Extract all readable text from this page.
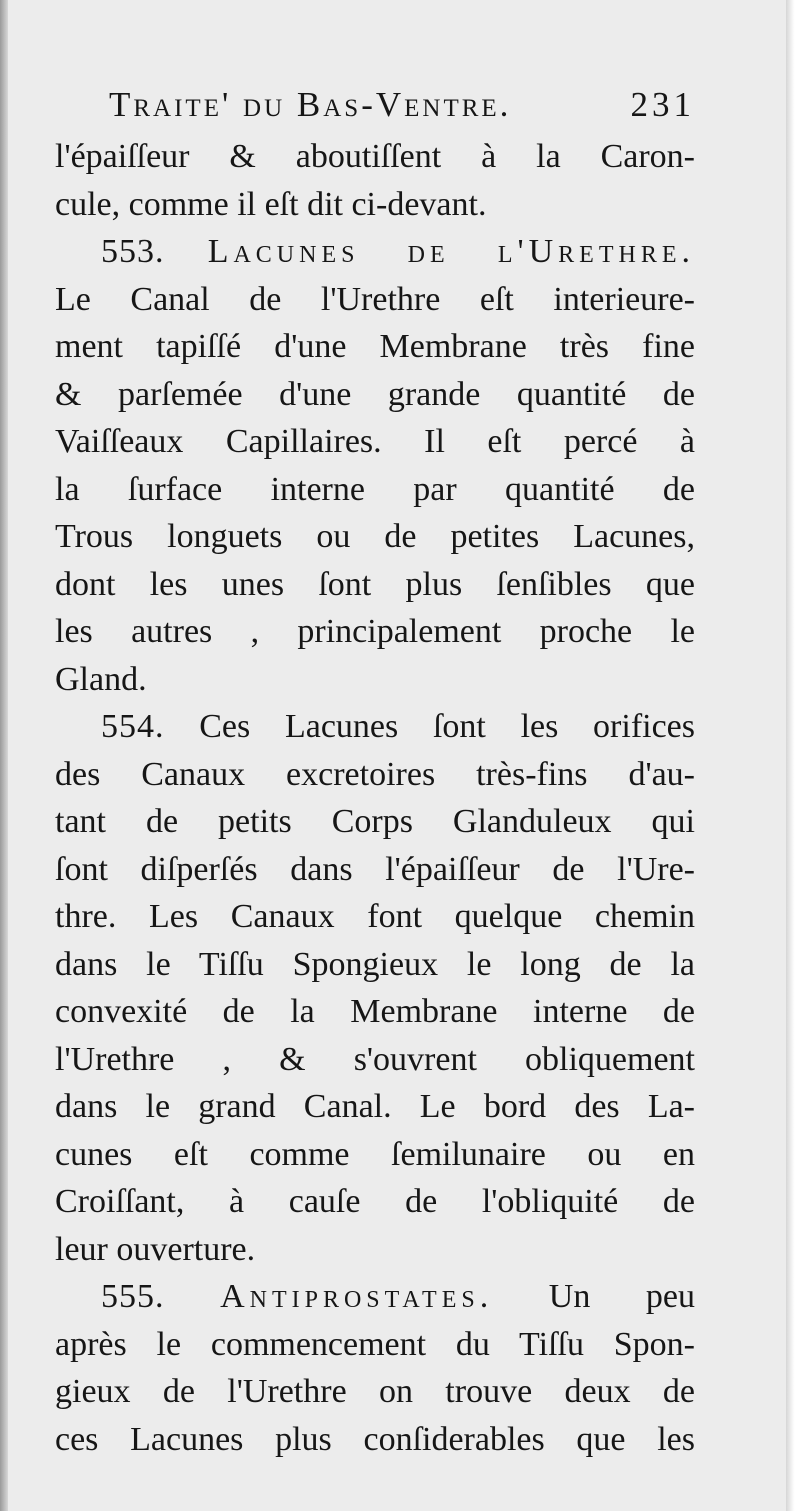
Traite' du Bas-Ventre.	231
l'épaiſſeur & aboutiſſent à la Caron-
cule, comme il eſt dit ci-devant.
553. Lacunes de l'Urethre.
Le Canal de l'Urethre eſt interieure-
ment tapiſſé d'une Membrane très fine
& parſemée d'une grande quantité de
Vaiſſeaux Capillaires. Il eſt percé à
la ſurface interne par quantité de
Trous longuets ou de petites Lacunes,
dont les unes ſont plus ſenſibles que
les autres , principalement proche le
Gland.
554. Ces Lacunes ſont les orifices
des Canaux excretoires très-fins d'au-
tant de petits Corps Glanduleux qui
ſont diſperſés dans l'épaiſſeur de l'Ure-
thre. Les Canaux font quelque chemin
dans le Tiſſu Spongieux le long de la
convexité de la Membrane interne de
l'Urethre , & s'ouvrent obliquement
dans le grand Canal. Le bord des La-
cunes eſt comme ſemilunaire ou en
Croiſſant, à cauſe de l'obliquité de
leur ouverture.
555. Antiprostates. Un peu
après le commencement du Tiſſu Spon-
gieux de l'Urethre on trouve deux de
ces Lacunes plus conſiderables que les
